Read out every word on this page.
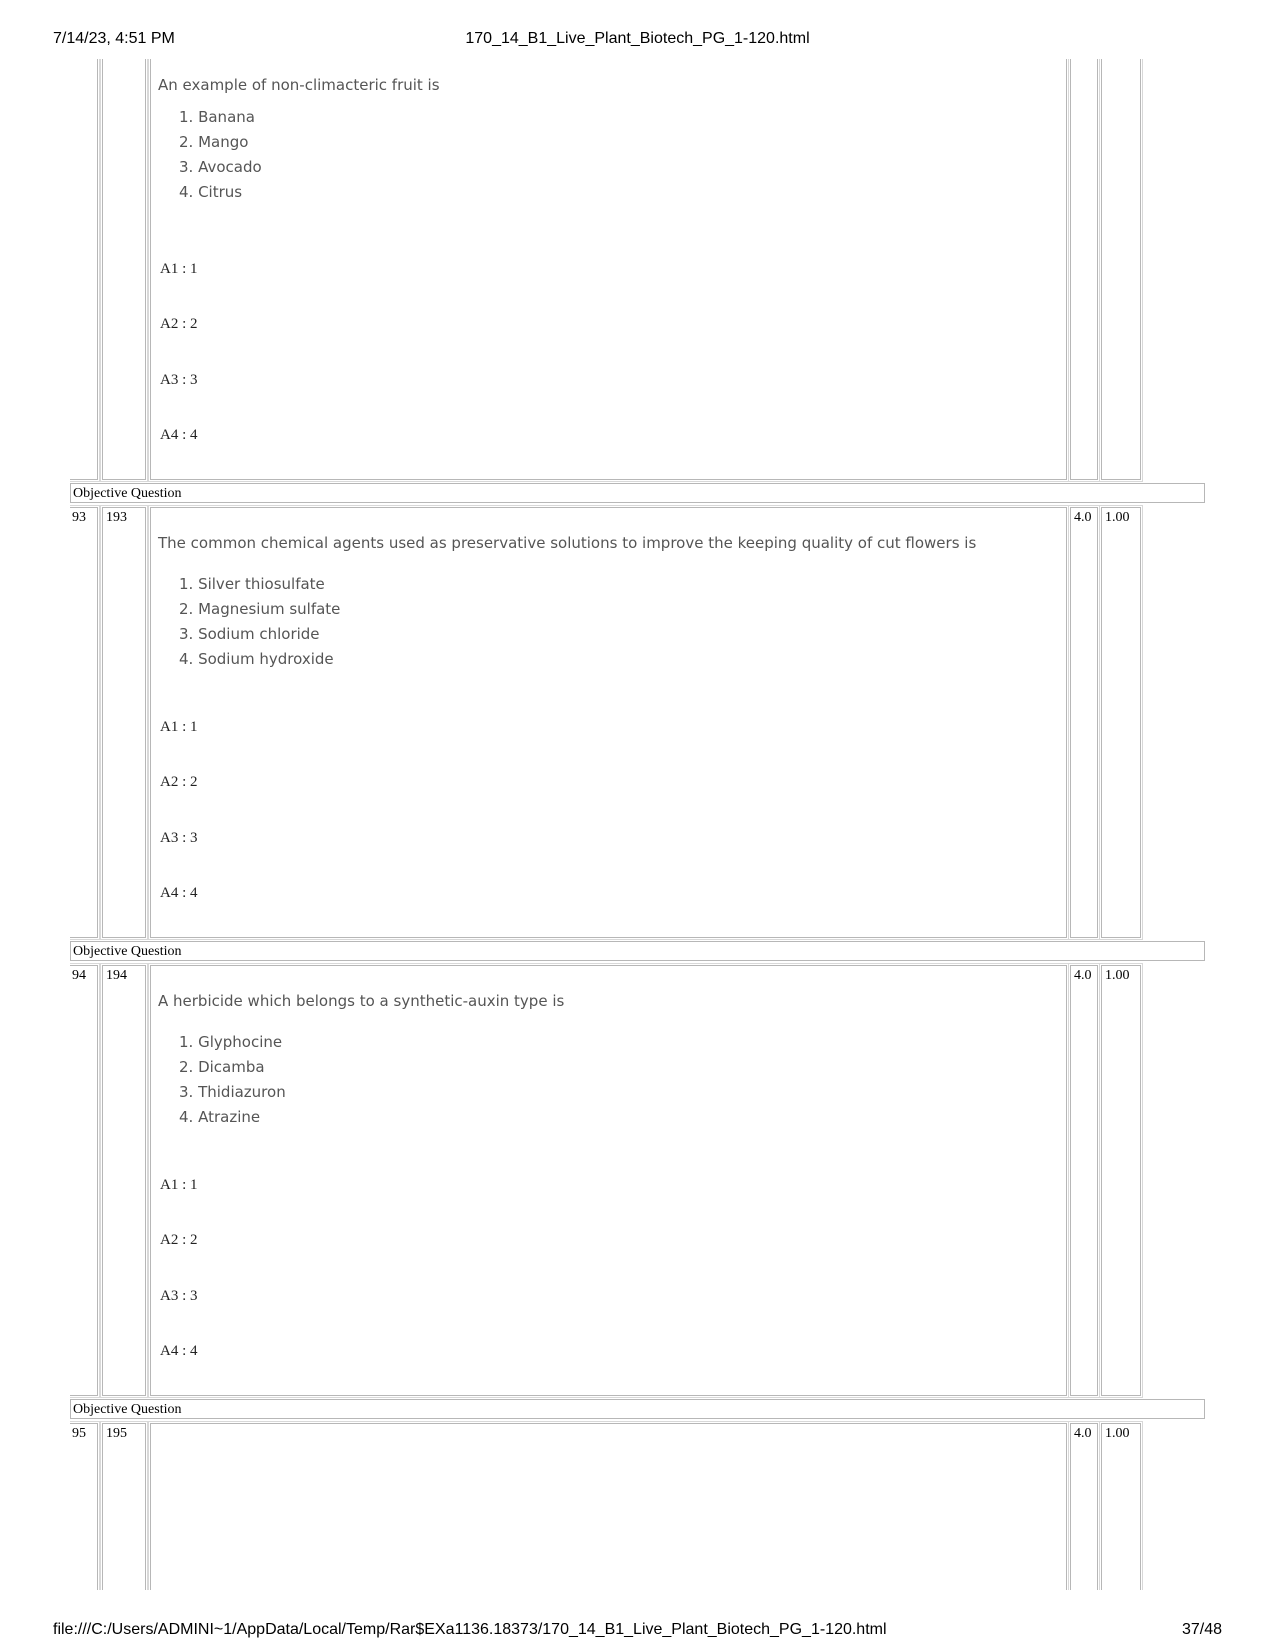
7/14/23, 4:51 PM	170_14_B1_Live_Plant_Biotech_PG_1-120.html
An example of non-climacteric fruit is
1. Banana
2. Mango
3. Avocado
4. Citrus
A1 : 1
A2 : 2
A3 : 3
A4 : 4
Objective Question
93 193
The common chemical agents used as preservative solutions to improve the keeping quality of cut flowers is
1. Silver thiosulfate
2. Magnesium sulfate
3. Sodium chloride
4. Sodium hydroxide
A1 : 1
A2 : 2
A3 : 3
A4 : 4
4.0 1.00
Objective Question
94 194
A herbicide which belongs to a synthetic-auxin type is
1. Glyphocine
2. Dicamba
3. Thidiazuron
4. Atrazine
A1 : 1
A2 : 2
A3 : 3
A4 : 4
4.0 1.00
Objective Question
95 195	4.0 1.00
file:///C:/Users/ADMINI~1/AppData/Local/Temp/Rar$EXa1136.18373/170_14_B1_Live_Plant_Biotech_PG_1-120.html	37/48
